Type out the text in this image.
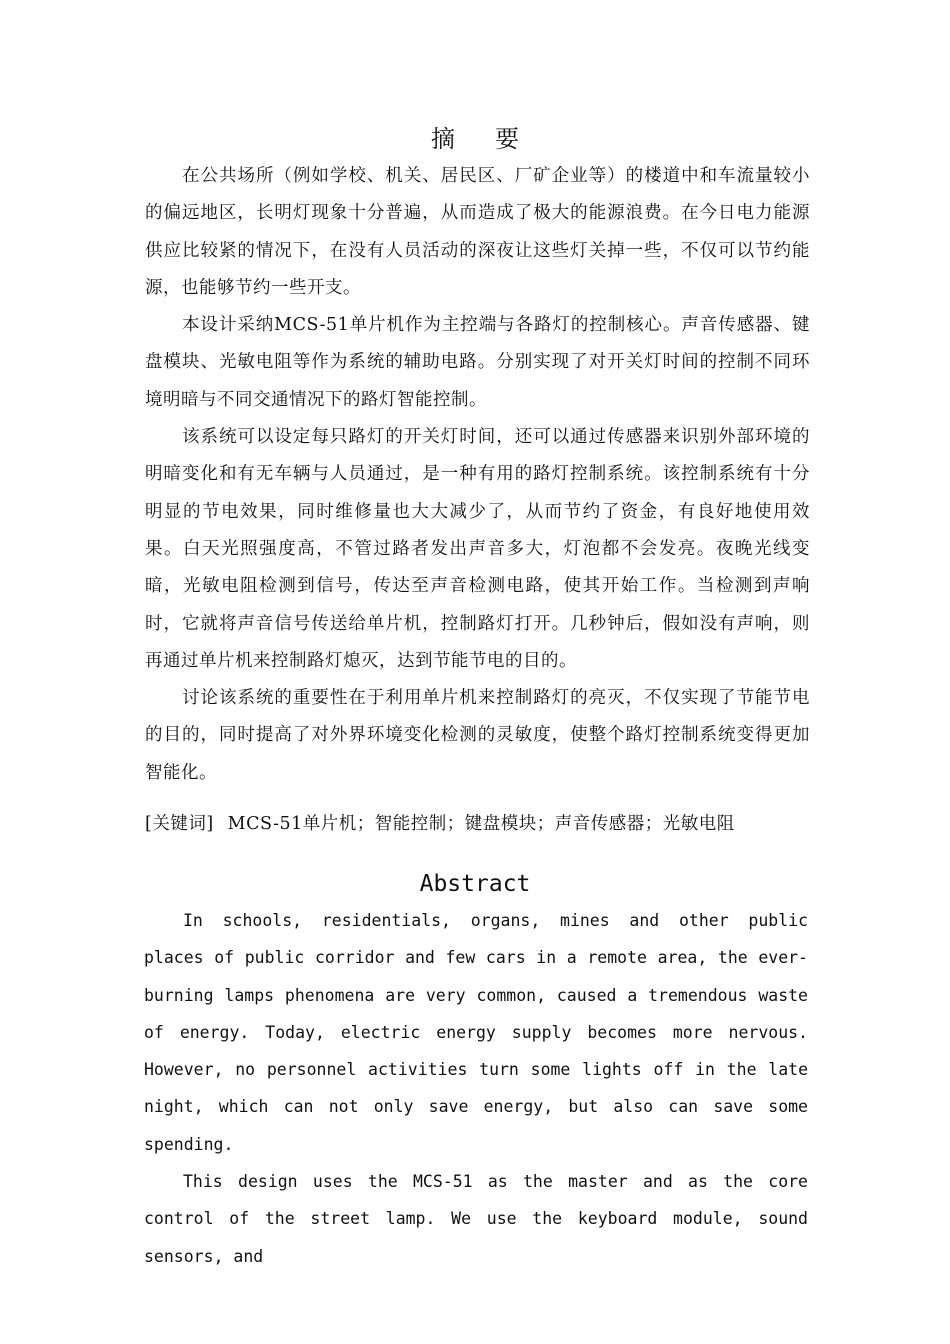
摘要

在公共场所（例如学校、机关、居民区、厂矿企业等）的楼道中和车流量较小的偏远地区，长明灯现象十分普遍，从而造成了极大的能源浪费。在今日电力能源供应比较紧的情况下，在没有人员活动的深夜让这些灯关掉一些，不仅可以节约能源，也能够节约一些开支。

本设计采纳MCS-51单片机作为主控端与各路灯的控制核心。声音传感器、键盘模块、光敏电阻等作为系统的辅助电路。分别实现了对开关灯时间的控制不同环境明暗与不同交通情况下的路灯智能控制。

该系统可以设定每只路灯的开关灯时间，还可以通过传感器来识别外部环境的明暗变化和有无车辆与人员通过，是一种有用的路灯控制系统。该控制系统有十分明显的节电效果，同时维修量也大大减少了，从而节约了资金，有良好地使用效果。白天光照强度高，不管过路者发出声音多大，灯泡都不会发亮。夜晚光线变暗，光敏电阻检测到信号，传达至声音检测电路，使其开始工作。当检测到声响时，它就将声音信号传送给单片机，控制路灯打开。几秒钟后，假如没有声响，则再通过单片机来控制路灯熄灭，达到节能节电的目的。

讨论该系统的重要性在于利用单片机来控制路灯的亮灭，不仅实现了节能节电的目的，同时提高了对外界环境变化检测的灵敏度，使整个路灯控制系统变得更加智能化。

[关键词] MCS-51单片机；智能控制；键盘模块；声音传感器；光敏电阻
Abstract

In schools, residentials, organs, mines and other public places of public corridor and few cars in a remote area, the ever-burning lamps phenomena are very common, caused a tremendous waste of energy. Today, electric energy supply becomes more nervous. However, no personnel activities turn some lights off in the late night, which can not only save energy, but also can save some spending.

This design uses the MCS-51 as the master and as the core control of the street lamp. We use the keyboard module, sound sensors, and
